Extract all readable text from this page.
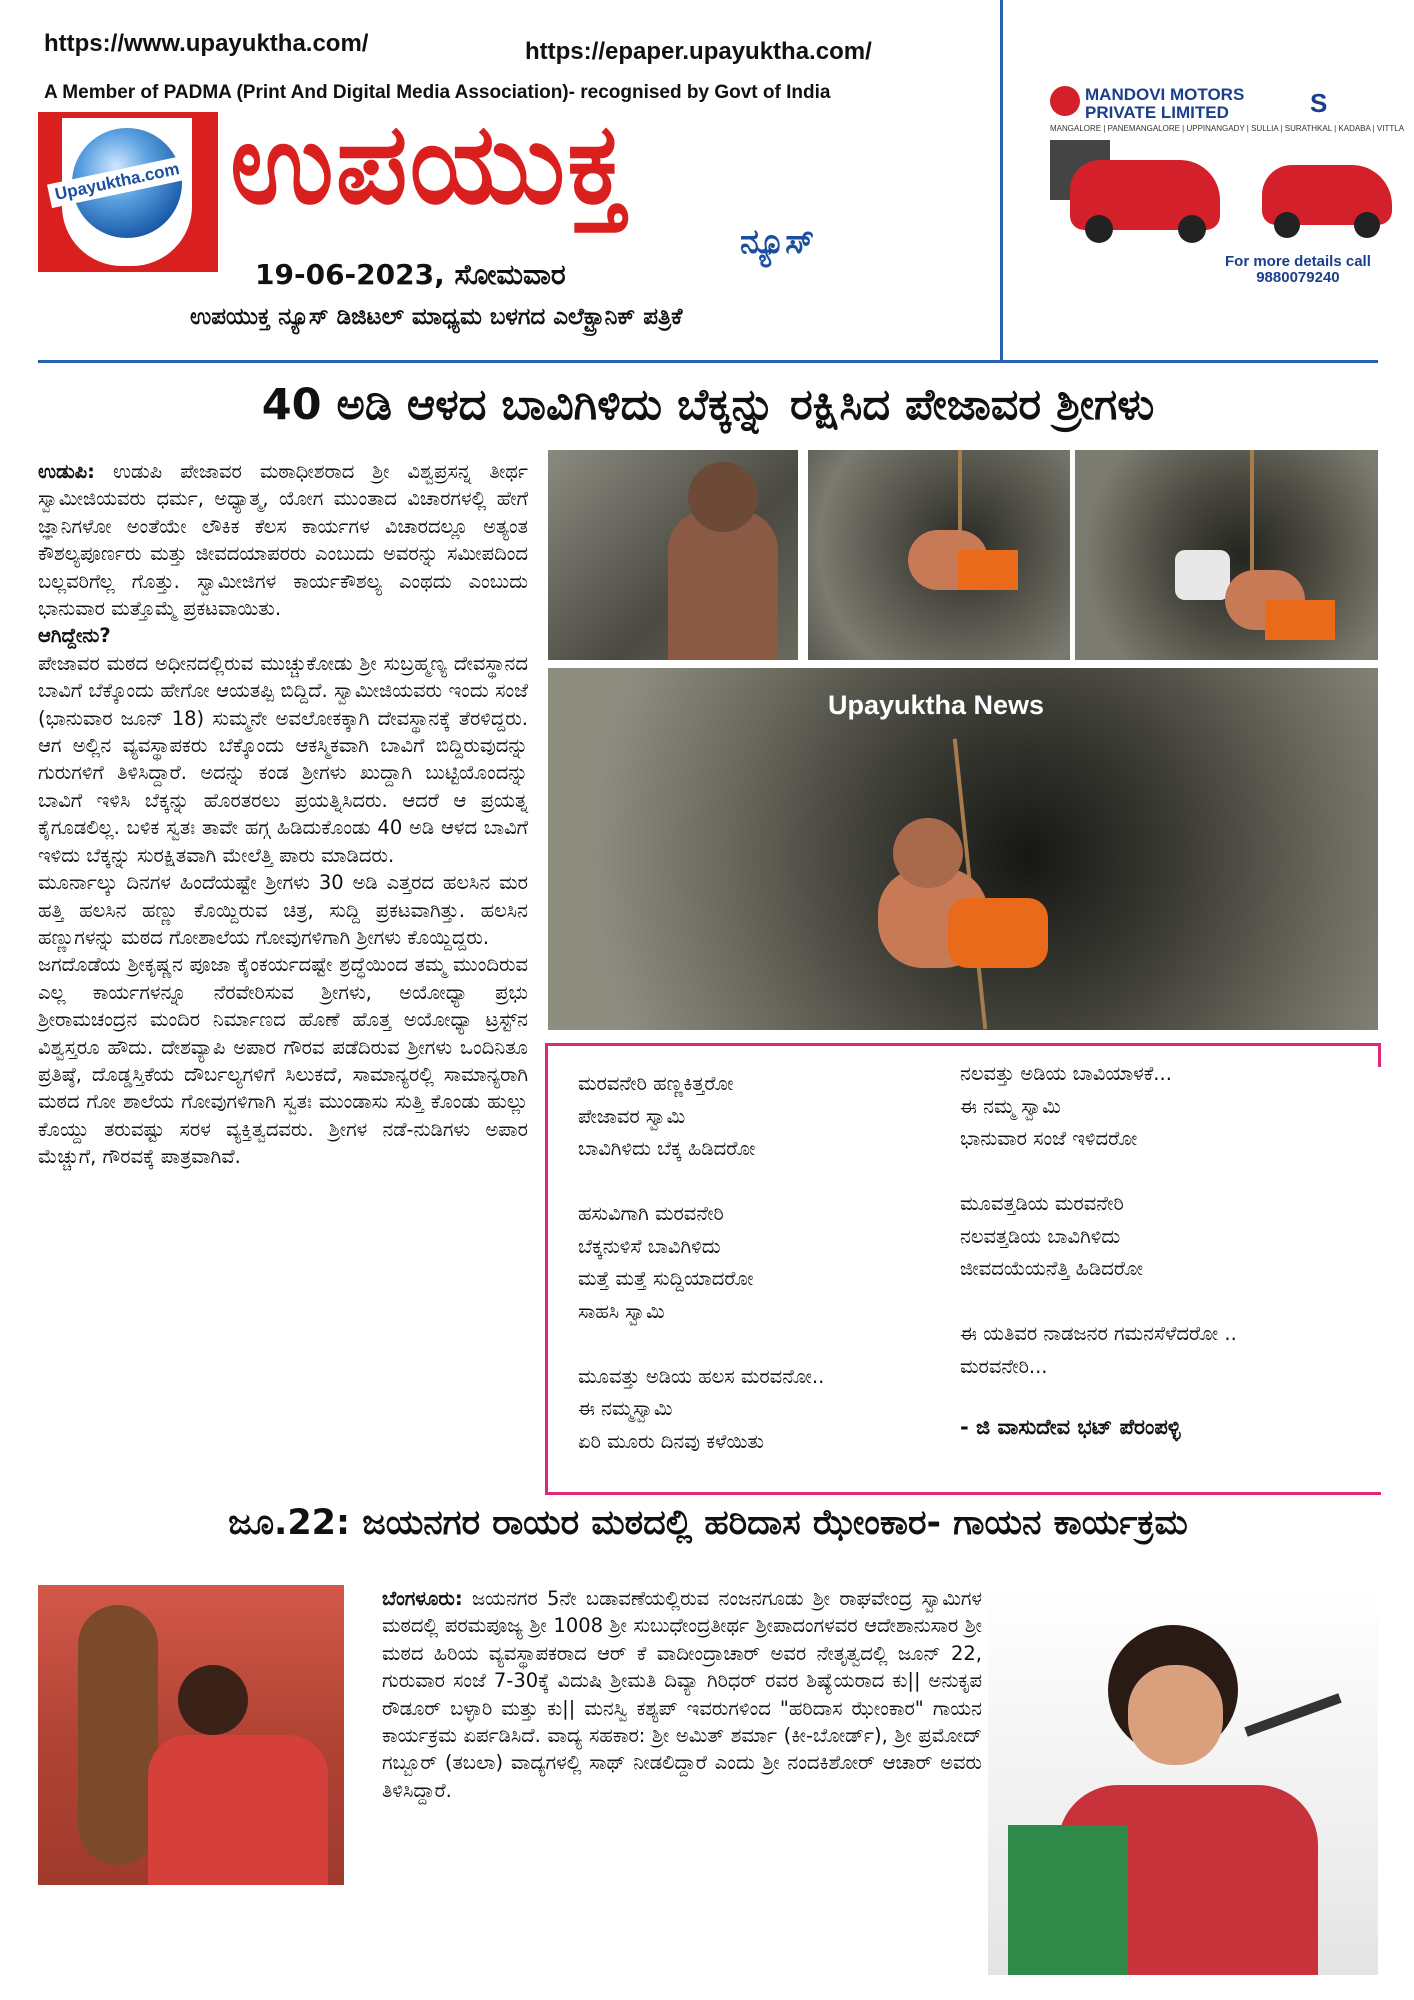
https://www.upayuktha.com/	https://epaper.upayuktha.com/
A Member of PADMA (Print And Digital Media Association)- recognised by Govt of India
Upayuktha.com ಉಪಯುಕ್ತ
ನ್ಯೂಸ್
19-06-2023, ಸೋಮವಾರ
ಉಪಯುಕ್ತ ನ್ಯೂಸ್ ಡಿಜಿಟಲ್ ಮಾಧ್ಯಮ ಬಳಗದ ಎಲೆಕ್ಟ್ರಾನಿಕ್ ಪತ್ರಿಕೆ
MANDOVI MOTORS
PRIVATE LIMITED	S
MANGALORE | PANEMANGALORE | UPPINANGADY | SULLIA | SURATHKAL | KADABA | VITTLA
For more details call
9880079240
40 ಅಡಿ ಆಳದ ಬಾವಿಗಿಳಿದು ಬೆಕ್ಕನ್ನು ರಕ್ಷಿಸಿದ ಪೇಜಾವರ ಶ್ರೀಗಳು

ಉಡುಪಿ: ಉಡುಪಿ ಪೇಜಾವರ ಮಠಾಧೀಶರಾದ ಶ್ರೀ ವಿಶ್ವಪ್ರಸನ್ನ ತೀರ್ಥ ಸ್ವಾಮೀಜಿಯವರು ಧರ್ಮ, ಅಧ್ಯಾತ್ಮ, ಯೋಗ ಮುಂತಾದ ವಿಚಾರಗಳಲ್ಲಿ ಹೇಗೆ ಜ್ಞಾನಿಗಳೋ ಅಂತೆಯೇ ಲೌಕಿಕ ಕೆಲಸ ಕಾರ್ಯಗಳ ವಿಚಾರದಲ್ಲೂ ಅತ್ಯಂತ ಕೌಶಲ್ಯಪೂರ್ಣರು ಮತ್ತು ಜೀವದಯಾಪರರು ಎಂಬುದು ಅವರನ್ನು ಸಮೀಪದಿಂದ ಬಲ್ಲವರಿಗೆಲ್ಲ ಗೊತ್ತು. ಸ್ವಾಮೀಜಿಗಳ ಕಾರ್ಯಕೌಶಲ್ಯ ಎಂಥದು ಎಂಬುದು ಭಾನುವಾರ ಮತ್ತೊಮ್ಮೆ ಪ್ರಕಟವಾಯಿತು.

ಆಗಿದ್ದೇನು?

ಪೇಜಾವರ ಮಠದ ಅಧೀನದಲ್ಲಿರುವ ಮುಚ್ಚುಕೋಡು ಶ್ರೀ ಸುಬ್ರಹ್ಮಣ್ಯ ದೇವಸ್ಥಾನದ ಬಾವಿಗೆ ಬೆಕ್ಕೊಂದು ಹೇಗೋ ಆಯತಪ್ಪಿ ಬಿದ್ದಿದೆ. ಸ್ವಾಮೀಜಿಯವರು ಇಂದು ಸಂಜೆ (ಭಾನುವಾರ ಜೂನ್ 18) ಸುಮ್ಮನೇ ಅವಲೋಕಕ್ಕಾಗಿ ದೇವಸ್ಥಾನಕ್ಕೆ ತೆರಳಿದ್ದರು. ಆಗ ಅಲ್ಲಿನ ವ್ಯವಸ್ಥಾಪಕರು ಬೆಕ್ಕೊಂದು ಆಕಸ್ಮಿಕವಾಗಿ ಬಾವಿಗೆ ಬಿದ್ದಿರುವುದನ್ನು ಗುರುಗಳಿಗೆ ತಿಳಿಸಿದ್ದಾರೆ. ಅದನ್ನು ಕಂಡ ಶ್ರೀಗಳು ಖುದ್ದಾಗಿ ಬುಟ್ಟಿಯೊಂದನ್ನು ಬಾವಿಗೆ ಇಳಿಸಿ ಬೆಕ್ಕನ್ನು ಹೊರತರಲು ಪ್ರಯತ್ನಿಸಿದರು. ಆದರೆ ಆ ಪ್ರಯತ್ನ ಕೈಗೂಡಲಿಲ್ಲ. ಬಳಿಕ ಸ್ವತಃ ತಾವೇ ಹಗ್ಗ ಹಿಡಿದುಕೊಂಡು 40 ಅಡಿ ಆಳದ ಬಾವಿಗೆ ಇಳಿದು ಬೆಕ್ಕನ್ನು ಸುರಕ್ಷಿತವಾಗಿ ಮೇಲೆತ್ತಿ ಪಾರು ಮಾಡಿದರು.

ಮೂರ್ನಾಲ್ಕು ದಿನಗಳ ಹಿಂದೆಯಷ್ಟೇ ಶ್ರೀಗಳು 30 ಅಡಿ ಎತ್ತರದ ಹಲಸಿನ ಮರ ಹತ್ತಿ ಹಲಸಿನ ಹಣ್ಣು ಕೊಯ್ದಿರುವ ಚಿತ್ರ, ಸುದ್ದಿ ಪ್ರಕಟವಾಗಿತ್ತು. ಹಲಸಿನ ಹಣ್ಣುಗಳನ್ನು ಮಠದ ಗೋಶಾಲೆಯ ಗೋವುಗಳಿಗಾಗಿ ಶ್ರೀಗಳು ಕೊಯ್ದಿದ್ದರು.

ಜಗದೊಡೆಯ ಶ್ರೀಕೃಷ್ಣನ ಪೂಜಾ ಕೈಂಕರ್ಯದಷ್ಟೇ ಶ್ರದ್ಧೆಯಿಂದ ತಮ್ಮ ಮುಂದಿರುವ ಎಲ್ಲ ಕಾರ್ಯಗಳನ್ನೂ ನೆರವೇರಿಸುವ ಶ್ರೀಗಳು, ಅಯೋಧ್ಯಾ ಪ್ರಭು ಶ್ರೀರಾಮಚಂದ್ರನ ಮಂದಿರ ನಿರ್ಮಾಣದ ಹೊಣೆ ಹೊತ್ತ ಅಯೋಧ್ಯಾ ಟ್ರಸ್ಟ್‌ನ ವಿಶ್ವಸ್ತರೂ ಹೌದು. ದೇಶವ್ಯಾಪಿ ಅಪಾರ ಗೌರವ ಪಡೆದಿರುವ ಶ್ರೀಗಳು ಒಂದಿನಿತೂ ಪ್ರತಿಷ್ಠೆ, ದೊಡ್ಡಸ್ತಿಕೆಯ ದೌರ್ಬಲ್ಯಗಳಿಗೆ ಸಿಲುಕದೆ, ಸಾಮಾನ್ಯರಲ್ಲಿ ಸಾಮಾನ್ಯರಾಗಿ ಮಠದ ಗೋ ಶಾಲೆಯ ಗೋವುಗಳಿಗಾಗಿ ಸ್ವತಃ ಮುಂಡಾಸು ಸುತ್ತಿ ಕೊಂಡು ಹುಲ್ಲು ಕೊಯ್ದು ತರುವಷ್ಟು ಸರಳ ವ್ಯಕ್ತಿತ್ವದವರು. ಶ್ರೀಗಳ ನಡೆ-ನುಡಿಗಳು ಅಪಾರ ಮೆಚ್ಚುಗೆ, ಗೌರವಕ್ಕೆ ಪಾತ್ರವಾಗಿವೆ.

Upayuktha News
ಮರವನೇರಿ ಹಣ್ಣಕಿತ್ತರೋ
ಪೇಜಾವರ ಸ್ವಾಮಿ
ಬಾವಿಗಿಳಿದು ಬೆಕ್ಕ ಹಿಡಿದರೋ

ಹಸುವಿಗಾಗಿ ಮರವನೇರಿ
ಬೆಕ್ಕನುಳಿಸೆ ಬಾವಿಗಿಳಿದು
ಮತ್ತೆ ಮತ್ತೆ ಸುದ್ದಿಯಾದರೋ
ಸಾಹಸಿ ಸ್ವಾಮಿ

ಮೂವತ್ತು ಅಡಿಯ ಹಲಸ ಮರವನೋ..
ಈ ನಮ್ಮಸ್ವಾಮಿ
ಏರಿ ಮೂರು ದಿನವು ಕಳೆಯಿತು
ನಲವತ್ತು ಅಡಿಯ ಬಾವಿಯಾಳಕೆ...
ಈ ನಮ್ಮ ಸ್ವಾಮಿ
ಭಾನುವಾರ ಸಂಜೆ ಇಳಿದರೋ

ಮೂವತ್ತಡಿಯ ಮರವನೇರಿ
ನಲವತ್ತಡಿಯ ಬಾವಿಗಿಳಿದು
ಜೀವದಯೆಯನೆತ್ತಿ ಹಿಡಿದರೋ

ಈ ಯತಿವರ ನಾಡಜನರ ಗಮನಸೆಳೆದರೋ ..
ಮರವನೇರಿ...
- ಜಿ ವಾಸುದೇವ ಭಟ್ ಪೆರಂಪಳ್ಳಿ
ಜೂ.22: ಜಯನಗರ ರಾಯರ ಮಠದಲ್ಲಿ ಹರಿದಾಸ ಝೇಂಕಾರ- ಗಾಯನ ಕಾರ್ಯಕ್ರಮ
ಬೆಂಗಳೂರು: ಜಯನಗರ 5ನೇ ಬಡಾವಣೆಯಲ್ಲಿರುವ ನಂಜನಗೂಡು ಶ್ರೀ ರಾಘವೇಂದ್ರ ಸ್ವಾಮಿಗಳ ಮಠದಲ್ಲಿ ಪರಮಪೂಜ್ಯ ಶ್ರೀ 1008 ಶ್ರೀ ಸುಬುಧೇಂದ್ರತೀರ್ಥ ಶ್ರೀಪಾದಂಗಳವರ ಆದೇಶಾನುಸಾರ ಶ್ರೀ ಮಠದ ಹಿರಿಯ ವ್ಯವಸ್ಥಾಪಕರಾದ ಆರ್ ಕೆ ವಾದೀಂದ್ರಾಚಾರ್ ಅವರ ನೇತೃತ್ವದಲ್ಲಿ ಜೂನ್ 22, ಗುರುವಾರ ಸಂಜೆ 7-30ಕ್ಕೆ ವಿದುಷಿ ಶ್ರೀಮತಿ ದಿವ್ಯಾ ಗಿರಿಧರ್ ರವರ ಶಿಷ್ಯೆಯರಾದ ಕು|| ಅನುಕೃಪ ರೌಡೂರ್ ಬಳ್ಳಾರಿ ಮತ್ತು ಕು|| ಮನಸ್ವಿ ಕಶ್ಯಪ್ ಇವರುಗಳಿಂದ "ಹರಿದಾಸ ಝೇಂಕಾರ" ಗಾಯನ ಕಾರ್ಯಕ್ರಮ ಏರ್ಪಡಿಸಿದೆ. ವಾದ್ಯ ಸಹಕಾರ: ಶ್ರೀ ಅಮಿತ್ ಶರ್ಮಾ (ಕೀ-ಬೋರ್ಡ್), ಶ್ರೀ ಪ್ರಮೋದ್ ಗಬ್ಬೂರ್ (ತಬಲಾ) ವಾದ್ಯಗಳಲ್ಲಿ ಸಾಥ್ ನೀಡಲಿದ್ದಾರೆ ಎಂದು ಶ್ರೀ ನಂದಕಿಶೋರ್ ಆಚಾರ್ ಅವರು ತಿಳಿಸಿದ್ದಾರೆ.
